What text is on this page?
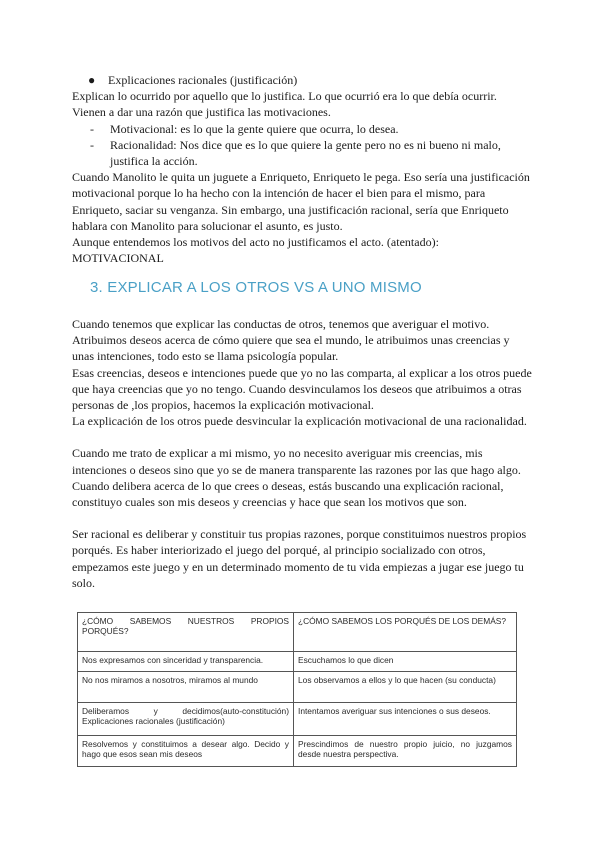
● Explicaciones racionales (justificación)

Explican lo ocurrido por aquello que lo justifica. Lo que ocurrió era lo que debía ocurrir. Vienen a dar una razón que justifica las motivaciones.

- Motivacional: es lo que la gente quiere que ocurra, lo desea.

- Racionalidad: Nos dice que es lo que quiere la gente pero no es ni bueno ni malo, justifica la acción.

Cuando Manolito le quita un juguete a Enriqueto, Enriqueto le pega. Eso sería una justificación motivacional porque lo ha hecho con la intención de hacer el bien para el mismo, para Enriqueto, saciar su venganza. Sin embargo, una justificación racional, sería que Enriqueto hablara con Manolito para solucionar el asunto, es justo.

Aunque entendemos los motivos del acto no justificamos el acto. (atentado): MOTIVACIONAL

3. EXPLICAR A LOS OTROS VS A UNO MISMO

Cuando tenemos que explicar las conductas de otros, tenemos que averiguar el motivo. Atribuimos deseos acerca de cómo quiere que sea el mundo, le atribuimos unas creencias y unas intenciones, todo esto se llama psicología popular.

Esas creencias, deseos e intenciones puede que yo no las comparta, al explicar a los otros puede que haya creencias que yo no tengo. Cuando desvinculamos los deseos que atribuimos a otras personas de ,los propios, hacemos la explicación motivacional.

La explicación de los otros puede desvincular la explicación motivacional de una racionalidad.

Cuando me trato de explicar a mi mismo, yo no necesito averiguar mis creencias, mis intenciones o deseos sino que yo se de manera transparente las razones por las que hago algo. Cuando delibera acerca de lo que crees o deseas, estás buscando una explicación racional, constituyo cuales son mis deseos y creencias y hace que sean los motivos que son.

Ser racional es deliberar y constituir tus propias razones, porque constituimos nuestros propios porqués. Es haber interiorizado el juego del porqué, al principio socializado con otros, empezamos este juego y en un determinado momento de tu vida empiezas a jugar ese juego tu solo.

¿CÓMO SABEMOS NUESTROS PROPIOS PORQUÉS?	¿CÓMO SABEMOS LOS PORQUÉS DE LOS DEMÁS?
Nos expresamos con sinceridad y transparencia.	Escuchamos lo que dicen
No nos miramos a nosotros, miramos al mundo	Los observamos a ellos y lo que hacen (su conducta)
Deliberamos y decidimos(auto-constitución) Explicaciones racionales (justificación)	Intentamos averiguar sus intenciones o sus deseos.
Resolvemos y constituimos a desear algo. Decido y hago que esos sean mis deseos	Prescindimos de nuestro propio juicio, no juzgamos desde nuestra perspectiva.
